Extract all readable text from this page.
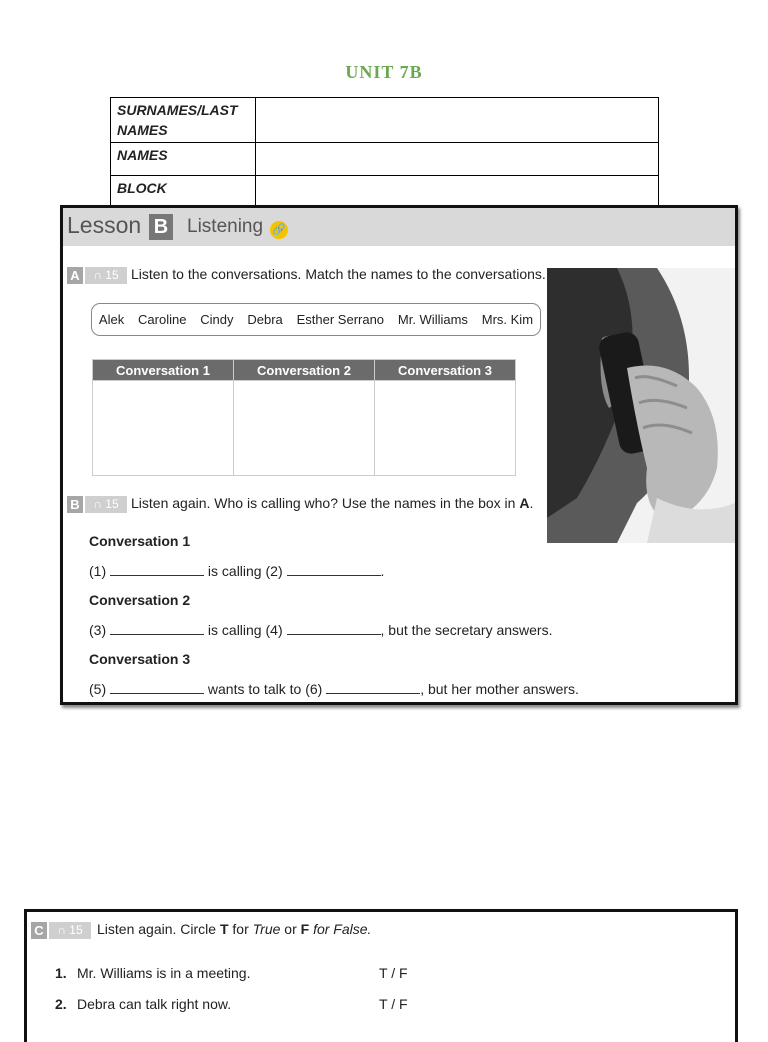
UNIT 7B
SURNAMES/LAST NAMES	
NAMES	
BLOCK	
Lesson B Listening 🔗
A	∩ 15 Listen to the conversations. Match the names to the conversations.
Alek Caroline Cindy Debra Esther Serrano Mr. Williams Mrs. Kim
Conversation 1	Conversation 2	Conversation 3

B	∩ 15 Listen again. Who is calling who? Use the names in the box in A.
Conversation 1
(1)	is calling (2)	.
Conversation 2
(3)	is calling (4)	, but the secretary answers.
Conversation 3
(5)	wants to talk to (6)	, but her mother answers.
C	∩ 15	Listen again. Circle T for True or F for False.
1. Mr. Williams is in a meeting.	T / F
2. Debra can talk right now.	T / F
